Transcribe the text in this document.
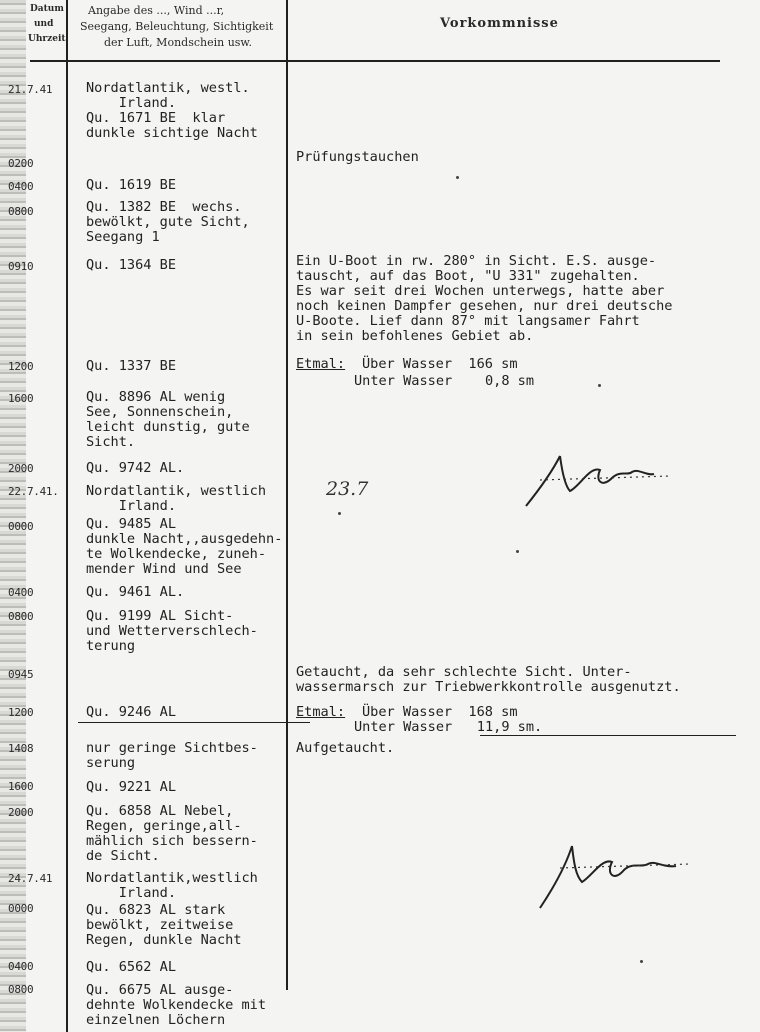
Datum
und
Uhrzeit
Angabe des ..., Wind ...r,
Seegang, Beleuchtung, Sichtigkeit
der Luft, Mondschein usw.
Vorkommnisse
21.7.41
0200
0400
0800
0910
1200
1600
2000
22.7.41.
0000
0400
0800
0945
1200
1408
1600
2000
24.7.41
0000
0400
0800
Nordatlantik, westl.
Irland.
Qu. 1671 BE  klar
dunkle sichtige Nacht
Qu. 1619 BE
Qu. 1382 BE  wechs.
bewölkt, gute Sicht,
Seegang 1
Qu. 1364 BE
Qu. 1337 BE
Qu. 8896 AL wenig
See, Sonnenschein,
leicht dunstig, gute
Sicht.
Qu. 9742 AL.
Nordatlantik, westlich
Irland.
Qu. 9485 AL
dunkle Nacht,,ausgedehn-
te Wolkendecke, zuneh-
mender Wind und See
Qu. 9461 AL.
Qu. 9199 AL Sicht-
und Wetterverschlech-
terung
Qu. 9246 AL
nur geringe Sichtbes-
serung
Qu. 9221 AL
Qu. 6858 AL Nebel,
Regen, geringe,all-
mählich sich bessern-
de Sicht.
Nordatlantik,westlich
Irland.
Qu. 6823 AL stark
bewölkt, zeitweise
Regen, dunkle Nacht
Qu. 6562 AL
Qu. 6675 AL ausge-
dehnte Wolkendecke mit
einzelnen Löchern
Prüfungstauchen
Ein U-Boot in rw. 280° in Sicht. E.S. ausge-
tauscht, auf das Boot, "U 331" zugehalten.
Es war seit drei Wochen unterwegs, hatte aber
noch keinen Dampfer gesehen, nur drei deutsche
U-Boote. Lief dann 87° mit langsamer Fahrt
in sein befohlenes Gebiet ab.
Etmal: Über Wasser  166 sm
Unter Wasser    0,8 sm
Getaucht, da sehr schlechte Sicht. Unter-
wassermarsch zur Triebwerkkontrolle ausgenutzt.
Etmal: Über Wasser  168 sm
Unter Wasser   11,9 sm.
Aufgetaucht.
23.7
